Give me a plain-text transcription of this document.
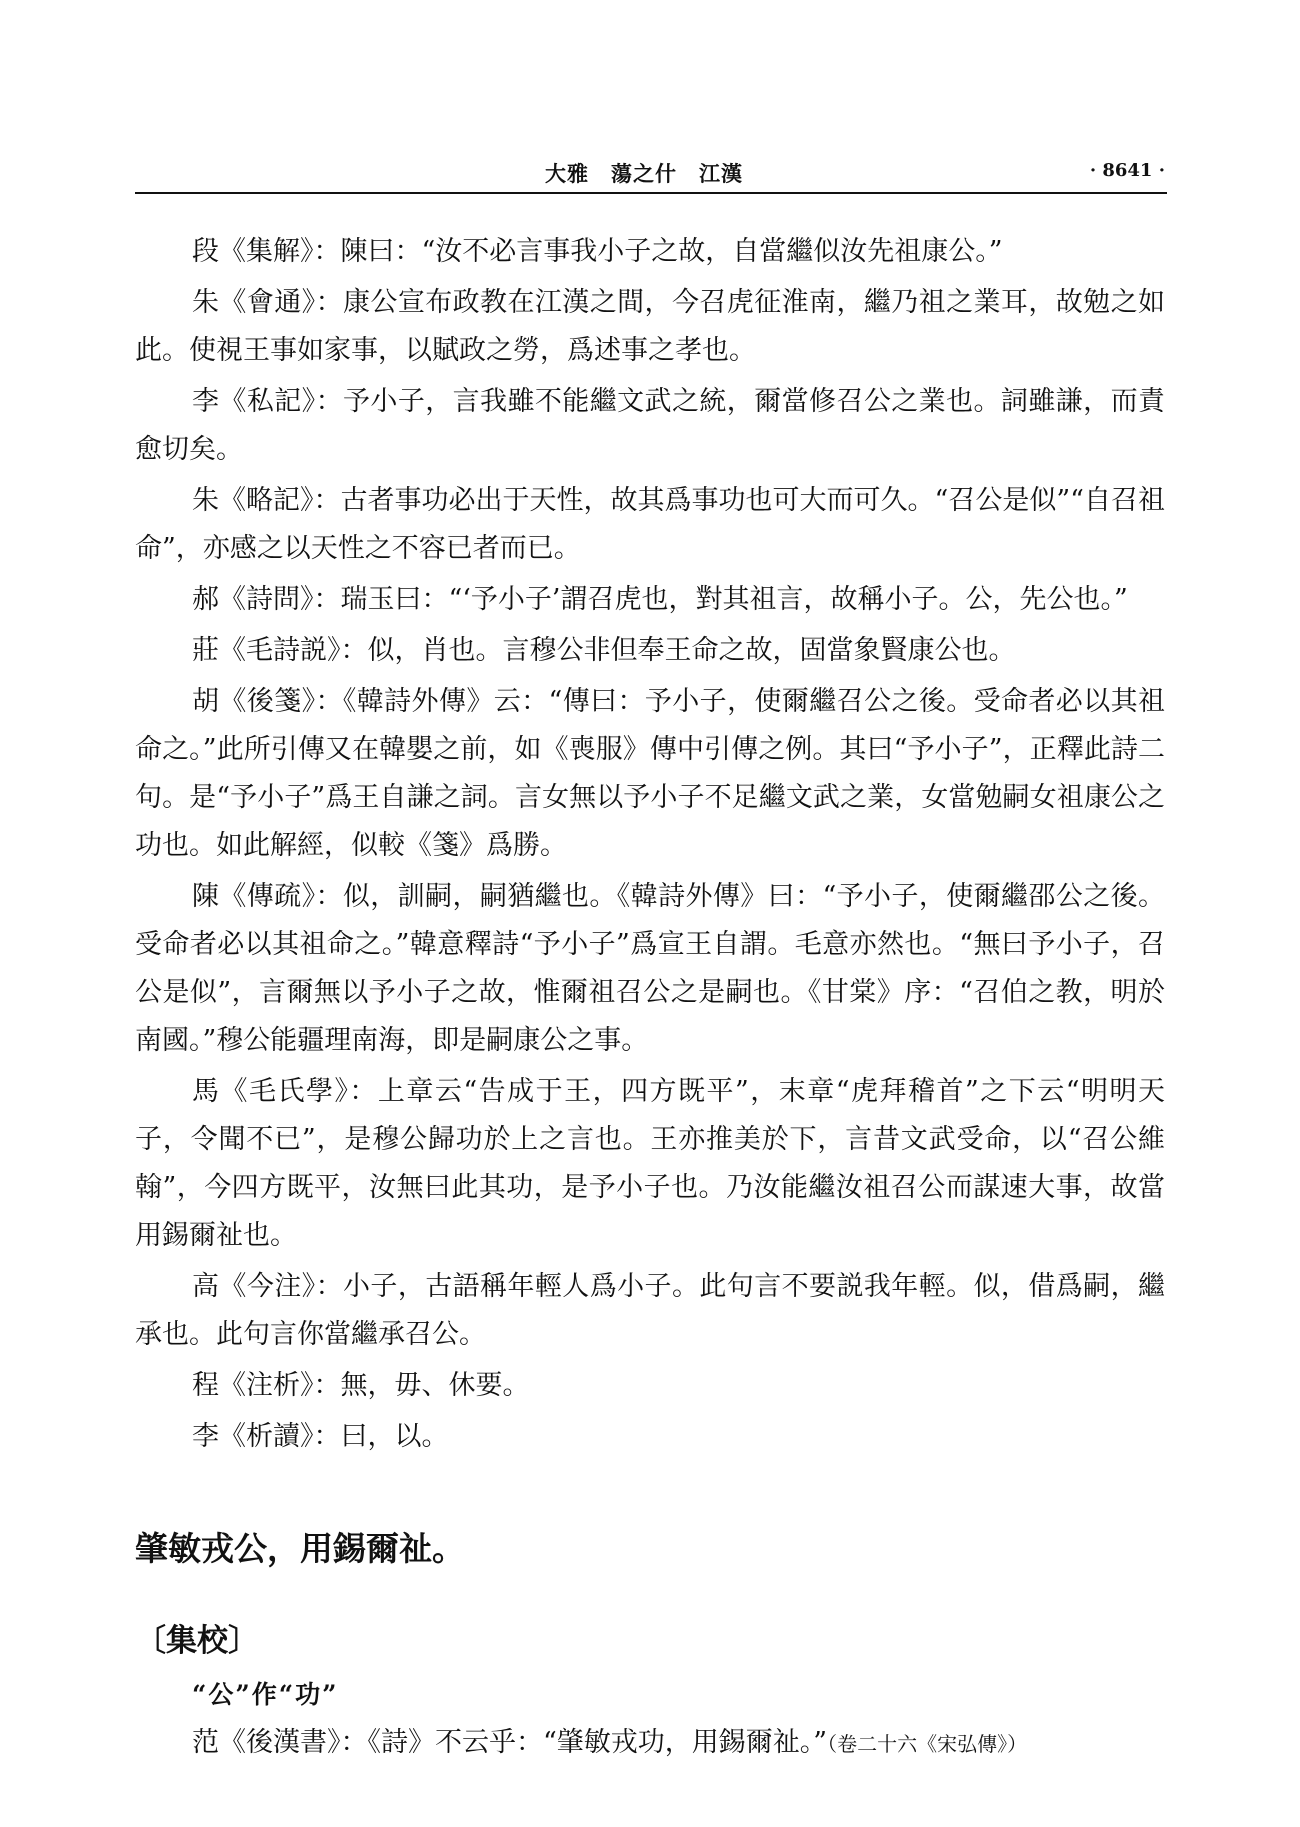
大雅　蕩之什　江漢	· 8641 ·

段《集解》：陳曰：“汝不必言事我小子之故，自當繼似汝先祖康公。”

朱《會通》：康公宣布政教在江漢之間，今召虎征淮南，繼乃祖之業耳，故勉之如此。使視王事如家事，以賦政之勞，爲述事之孝也。

李《私記》：予小子，言我雖不能繼文武之統，爾當修召公之業也。詞雖謙，而責愈切矣。

朱《略記》：古者事功必出于天性，故其爲事功也可大而可久。“召公是似”“自召祖命”，亦感之以天性之不容已者而已。

郝《詩問》：瑞玉曰：“‘予小子’謂召虎也，對其祖言，故稱小子。公，先公也。”

莊《毛詩説》：似，肖也。言穆公非但奉王命之故，固當象賢康公也。

胡《後箋》：《韓詩外傳》云：“傳曰：予小子，使爾繼召公之後。受命者必以其祖命之。”此所引傳又在韓嬰之前，如《喪服》傳中引傳之例。其曰“予小子”，正釋此詩二句。是“予小子”爲王自謙之詞。言女無以予小子不足繼文武之業，女當勉嗣女祖康公之功也。如此解經，似較《箋》爲勝。

陳《傳疏》：似，訓嗣，嗣猶繼也。《韓詩外傳》曰：“予小子，使爾繼邵公之後。受命者必以其祖命之。”韓意釋詩“予小子”爲宣王自謂。毛意亦然也。“無曰予小子，召公是似”，言爾無以予小子之故，惟爾祖召公之是嗣也。《甘棠》序：“召伯之教，明於南國。”穆公能疆理南海，即是嗣康公之事。

馬《毛氏學》：上章云“告成于王，四方既平”，末章“虎拜稽首”之下云“明明天子，令聞不已”，是穆公歸功於上之言也。王亦推美於下，言昔文武受命，以“召公維翰”，今四方既平，汝無曰此其功，是予小子也。乃汝能繼汝祖召公而謀速大事，故當用錫爾祉也。

高《今注》：小子，古語稱年輕人爲小子。此句言不要説我年輕。似，借爲嗣，繼承也。此句言你當繼承召公。

程《注析》：無，毋、休要。

李《析讀》：曰，以。

肇敏戎公，用錫爾祉。
〔集校〕
“公”作“功”

范《後漢書》：《詩》不云乎：“肇敏戎功，用錫爾祉。”（卷二十六《宋弘傳》）
